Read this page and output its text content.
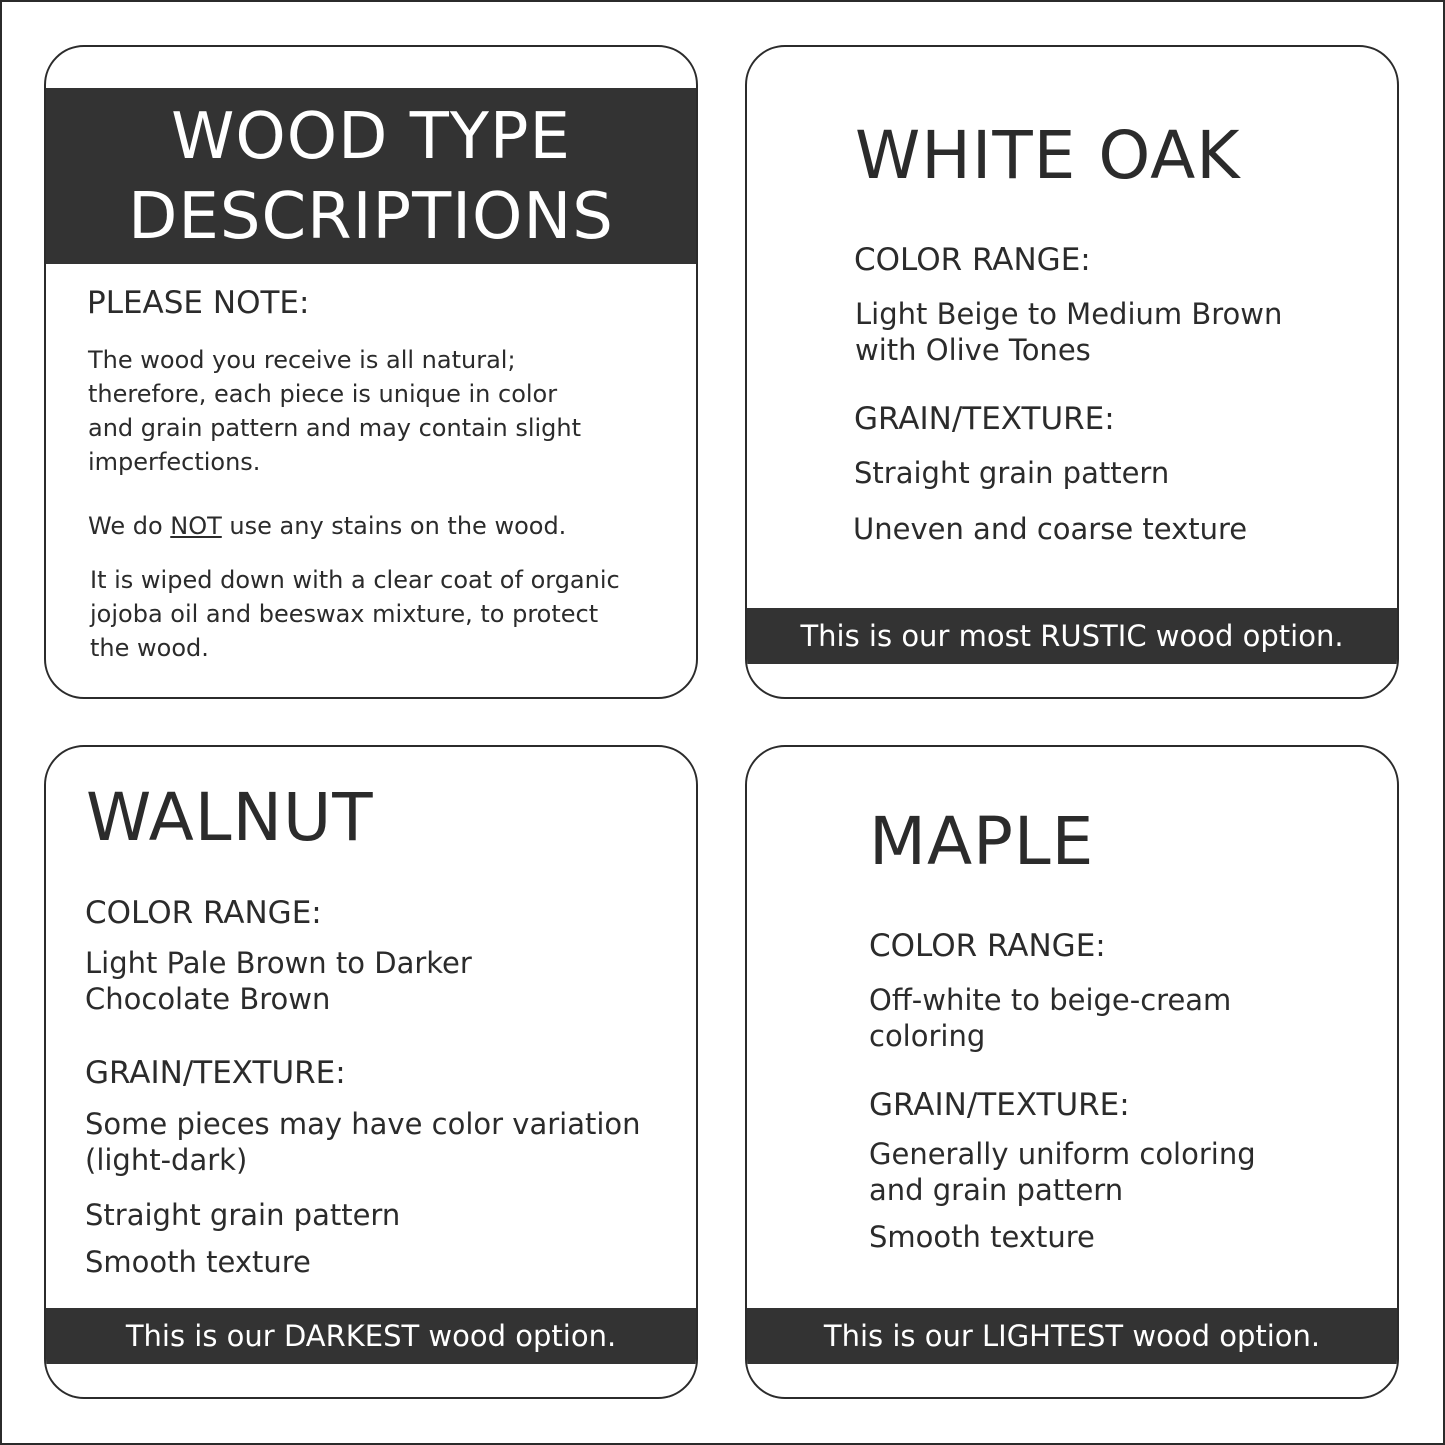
WOOD TYPE
DESCRIPTIONS
PLEASE NOTE:
The wood you receive is all natural;
therefore, each piece is unique in color
and grain pattern and may contain slight
imperfections.
We do NOT use any stains on the wood.
It is wiped down with a clear coat of organic
jojoba oil and beeswax mixture, to protect
the wood.
WHITE OAK
COLOR RANGE:
Light Beige to Medium Brown
with Olive Tones
GRAIN/TEXTURE:
Straight grain pattern
Uneven and coarse texture
This is our most RUSTIC wood option.
WALNUT
COLOR RANGE:
Light Pale Brown to Darker
Chocolate Brown
GRAIN/TEXTURE:
Some pieces may have color variation
(light-dark)
Straight grain pattern
Smooth texture
This is our DARKEST wood option.
MAPLE
COLOR RANGE:
Off-white to beige-cream
coloring
GRAIN/TEXTURE:
Generally uniform coloring
and grain pattern
Smooth texture
This is our LIGHTEST wood option.
